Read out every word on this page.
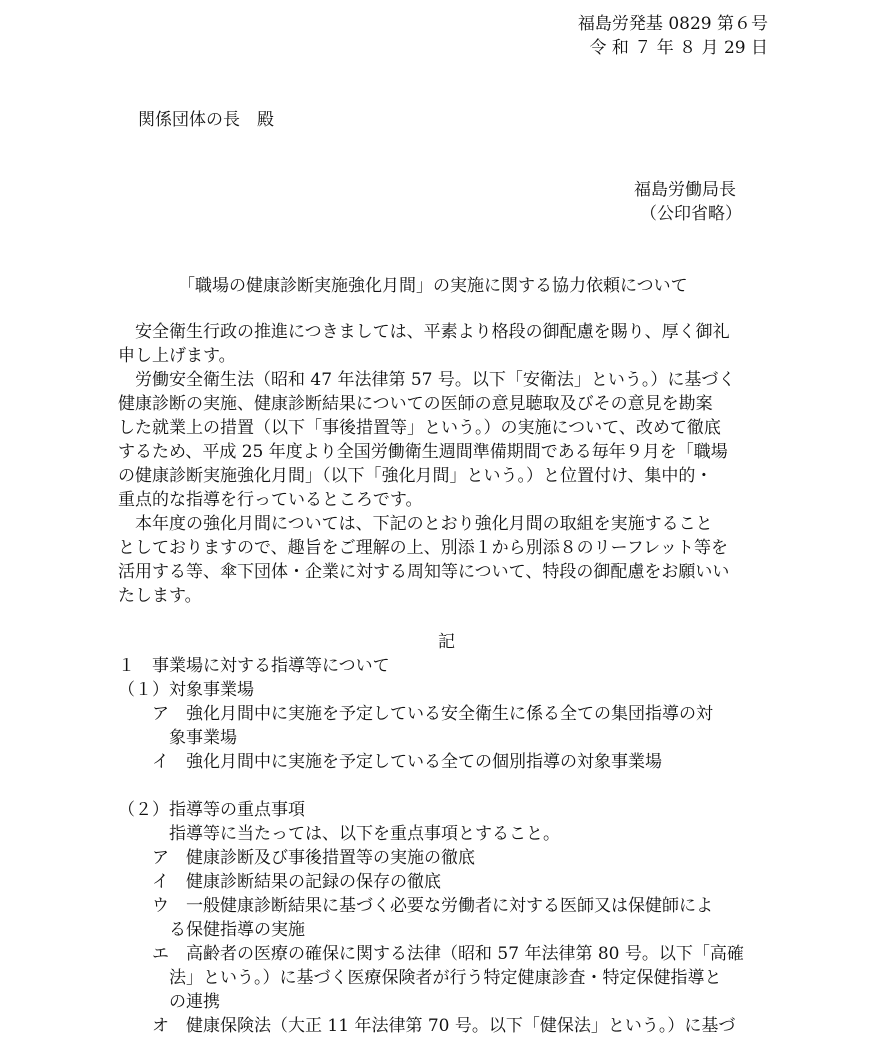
福島労発基 0829 第６号

令 和 ７ 年 ８ 月 29 日

関係団体の長　殿

福島労働局長

（公印省略）

「職場の健康診断実施強化月間」の実施に関する協力依頼について

　安全衛生行政の推進につきましては、平素より格段の御配慮を賜り、厚く御礼

申し上げます。

　労働安全衛生法（昭和 47 年法律第 57 号。以下「安衛法」という。）に基づく

健康診断の実施、健康診断結果についての医師の意見聴取及びその意見を勘案

した就業上の措置（以下「事後措置等」という。）の実施について、改めて徹底

するため、平成 25 年度より全国労働衛生週間準備期間である毎年９月を「職場

の健康診断実施強化月間」（以下「強化月間」という。）と位置付け、集中的・

重点的な指導を行っているところです。

　本年度の強化月間については、下記のとおり強化月間の取組を実施すること

としておりますので、趣旨をご理解の上、別添１から別添８のリーフレット等を

活用する等、傘下団体・企業に対する周知等について、特段の御配慮をお願いい

たします。

記

１　事業場に対する指導等について

（１）対象事業場

　　ア　強化月間中に実施を予定している安全衛生に係る全ての集団指導の対

　　　象事業場

　　イ　強化月間中に実施を予定している全ての個別指導の対象事業場

（２）指導等の重点事項

　　　指導等に当たっては、以下を重点事項とすること。

　　ア　健康診断及び事後措置等の実施の徹底

　　イ　健康診断結果の記録の保存の徹底

　　ウ　一般健康診断結果に基づく必要な労働者に対する医師又は保健師によ

　　　る保健指導の実施

　　エ　高齢者の医療の確保に関する法律（昭和 57 年法律第 80 号。以下「高確

　　　法」という。）に基づく医療保険者が行う特定健康診査・特定保健指導と

　　　の連携

　　オ　健康保険法（大正 11 年法律第 70 号。以下「健保法」という。）に基づ
